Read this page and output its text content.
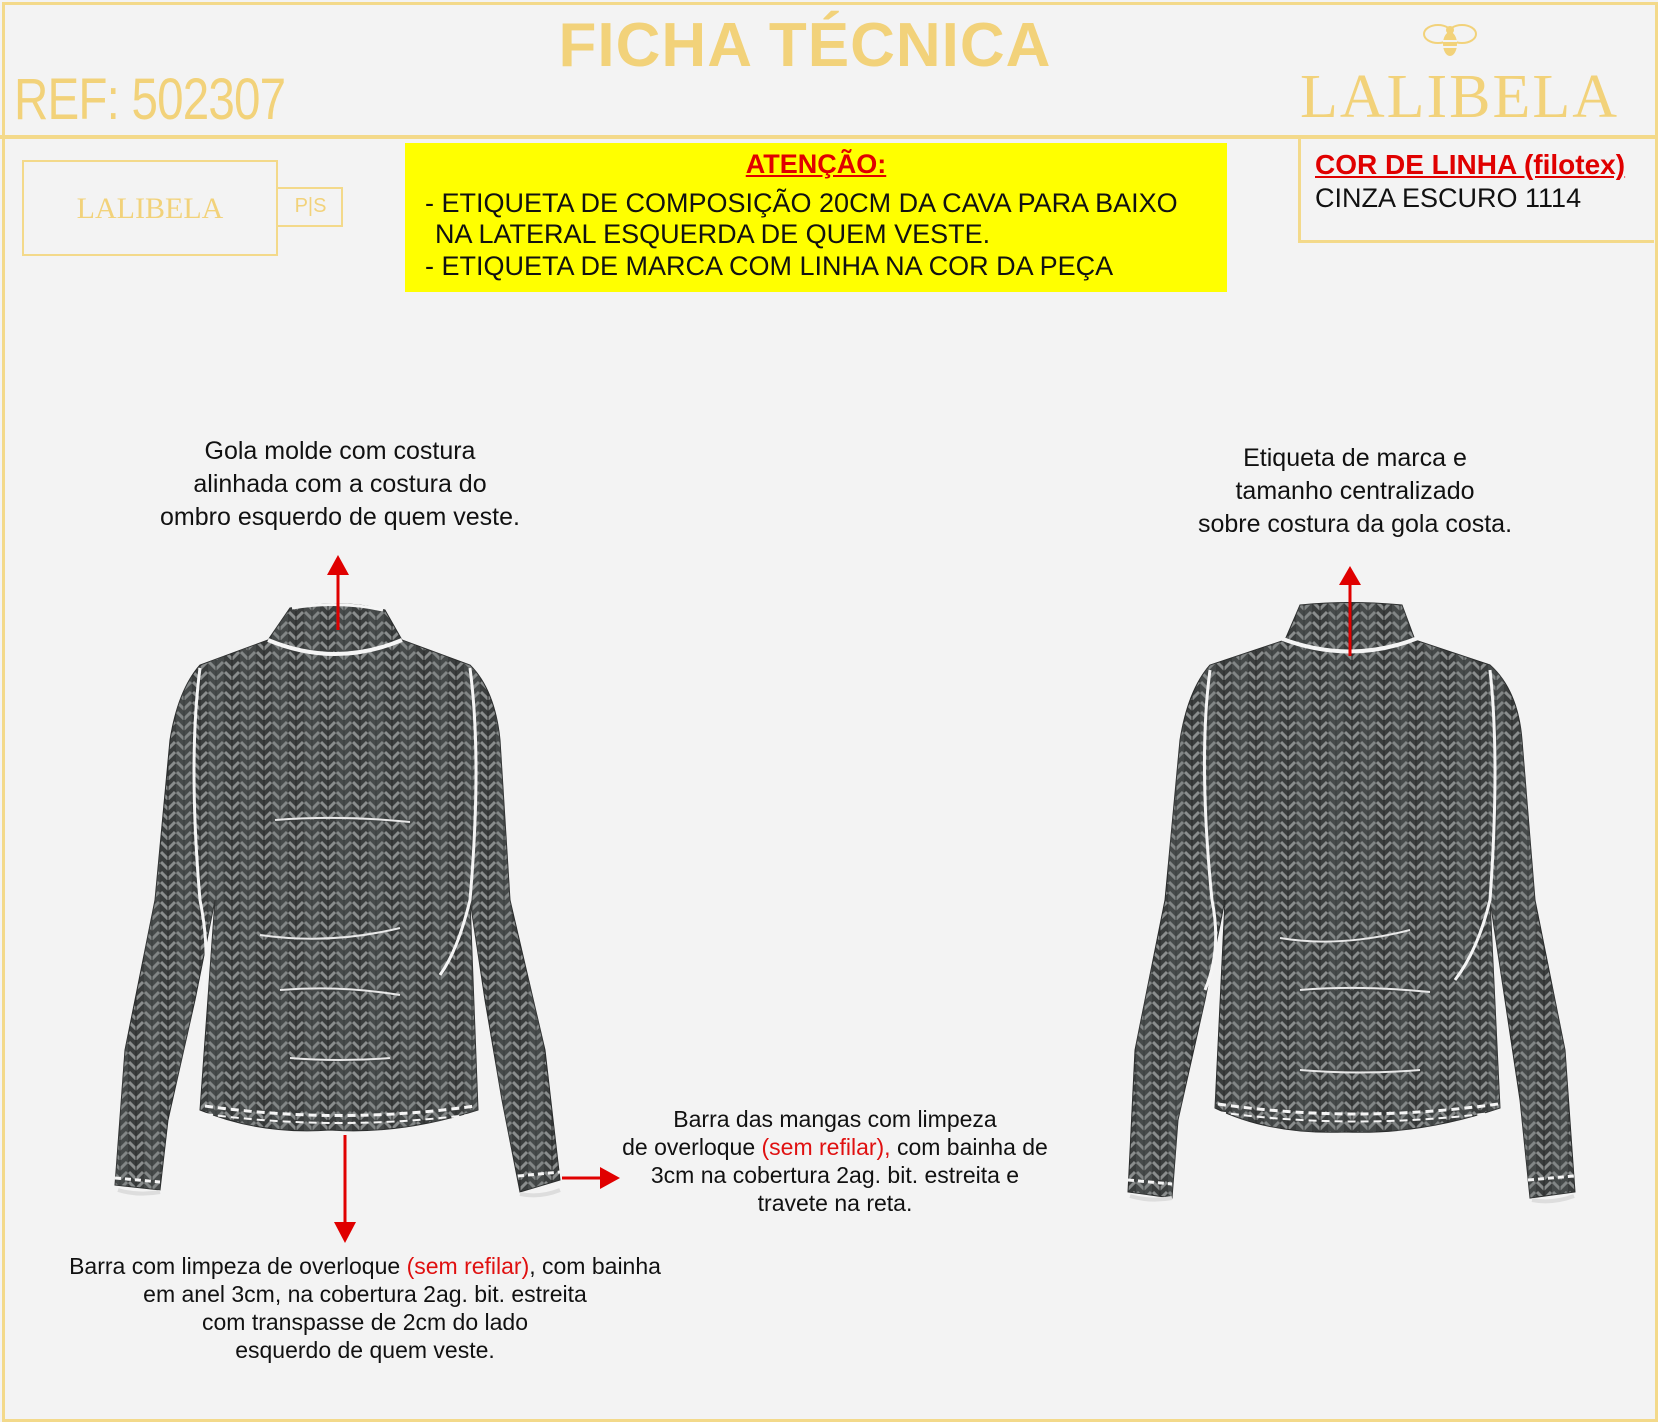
FICHA TÉCNICA
REF: 502307	LALIBELA
LALIBELA	P|S
ATENÇÃO:
- ETIQUETA DE COMPOSIÇÃO 20CM DA CAVA PARA BAIXO
NA LATERAL ESQUERDA DE QUEM VESTE.
- ETIQUETA DE MARCA COM LINHA NA COR DA PEÇA
COR DE LINHA (filotex)
CINZA ESCURO 1114
Gola molde com costura
alinhada com a costura do
ombro esquerdo de quem veste.
Etiqueta de marca e
tamanho centralizado
sobre costura da gola costa.
Barra das mangas com limpeza
de overloque (sem refilar), com bainha de
3cm na cobertura 2ag. bit. estreita e
travete na reta.
Barra com limpeza de overloque (sem refilar), com bainha
em anel 3cm, na cobertura 2ag. bit. estreita
com transpasse de 2cm do lado
esquerdo de quem veste.
